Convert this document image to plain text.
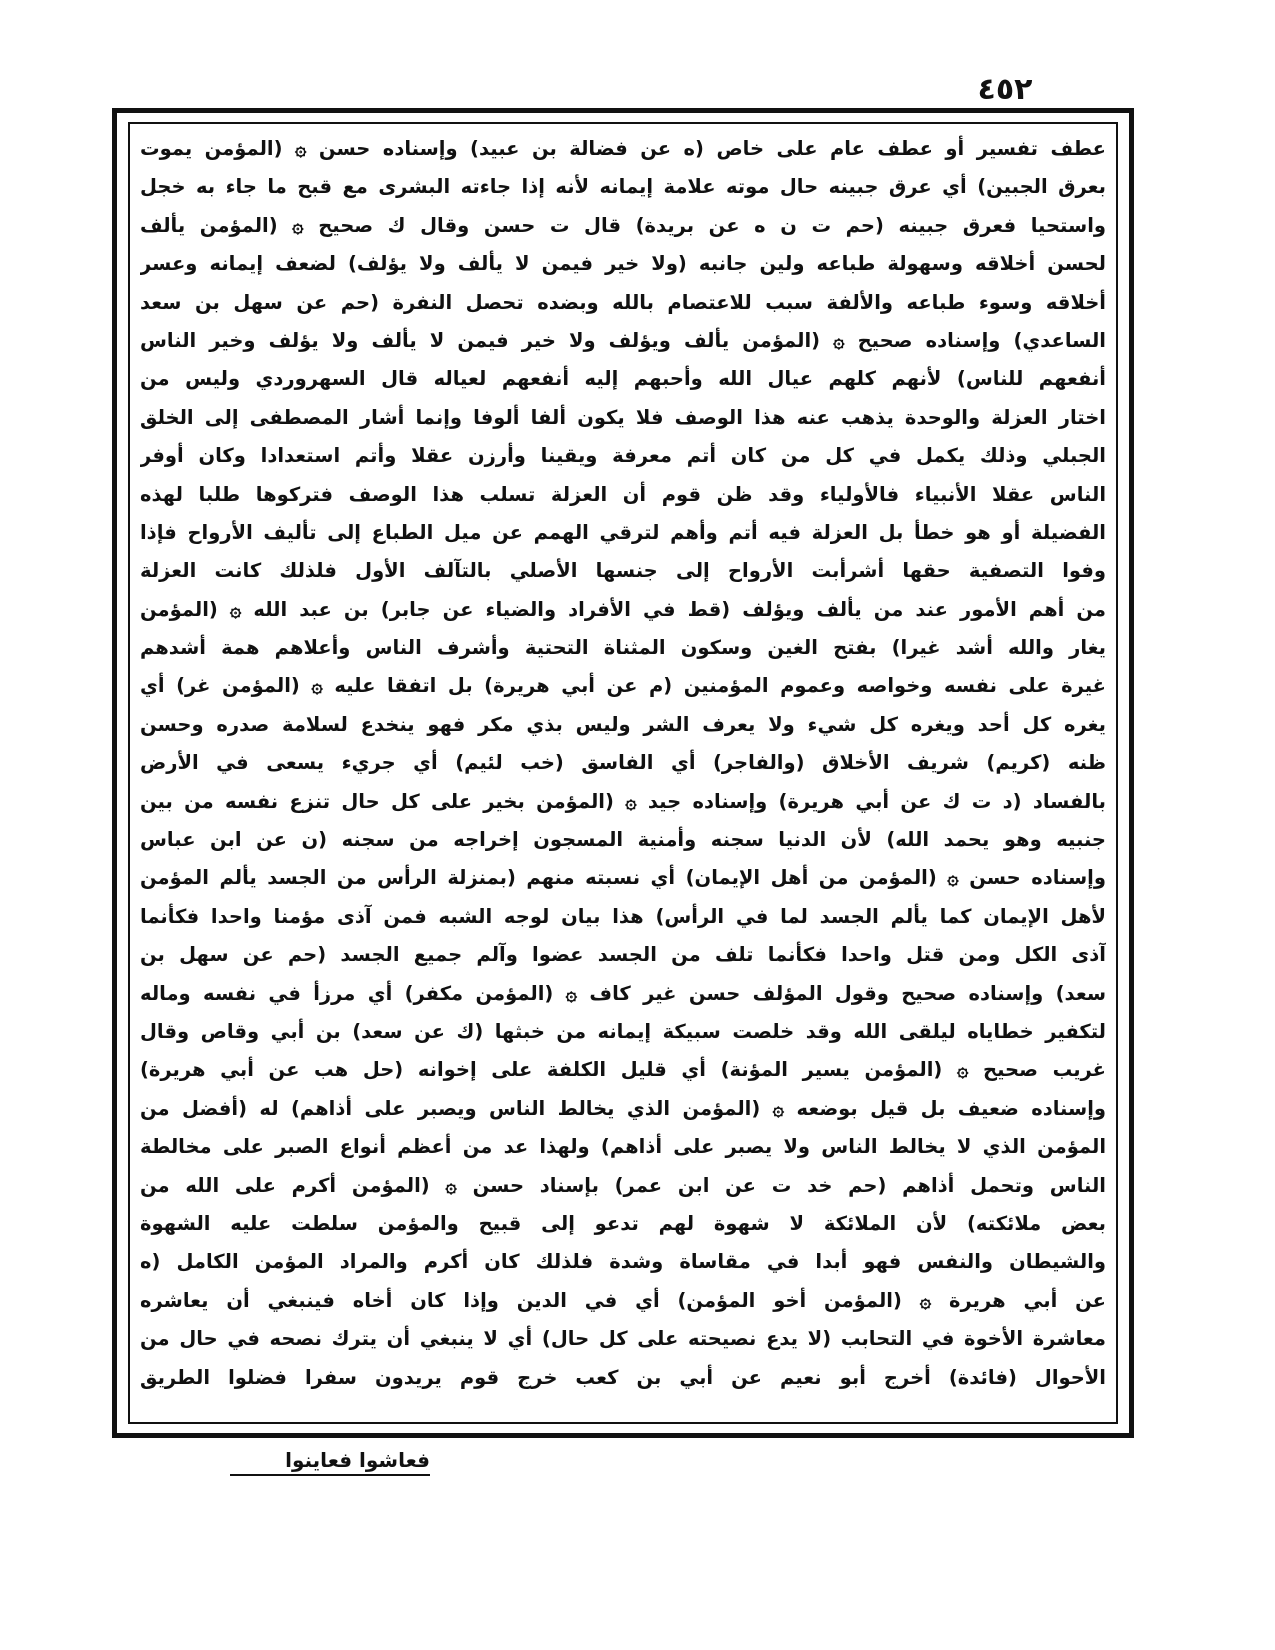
٤٥٢
عطف تفسير أو عطف عام على خاص (ه عن فضالة بن عبيد) وإسناده حسن ۞ (المؤمن يموت
بعرق الجبين) أي عرق جبينه حال موته علامة إيمانه لأنه إذا جاءته البشرى مع قبح ما جاء به خجل
واستحيا فعرق جبينه (حم ت ن ه عن بريدة) قال ت حسن وقال ك صحيح ۞ (المؤمن يألف
لحسن أخلاقه وسهولة طباعه ولين جانبه (ولا خير فيمن لا يألف ولا يؤلف) لضعف إيمانه وعسر
أخلاقه وسوء طباعه والألفة سبب للاعتصام بالله وبضده تحصل النفرة (حم عن سهل بن سعد
الساعدي) وإسناده صحيح ۞ (المؤمن يألف ويؤلف ولا خير فيمن لا يألف ولا يؤلف وخير الناس
أنفعهم للناس) لأنهم كلهم عيال الله وأحبهم إليه أنفعهم لعياله قال السهروردي وليس من
اختار العزلة والوحدة يذهب عنه هذا الوصف فلا يكون ألفا ألوفا وإنما أشار المصطفى إلى الخلق
الجبلي وذلك يكمل في كل من كان أتم معرفة ويقينا وأرزن عقلا وأتم استعدادا وكان أوفر
الناس عقلا الأنبياء فالأولياء وقد ظن قوم أن العزلة تسلب هذا الوصف فتركوها طلبا لهذه
الفضيلة أو هو خطأ بل العزلة فيه أتم وأهم لترقي الهمم عن ميل الطباع إلى تأليف الأرواح فإذا
وفوا التصفية حقها أشرأبت الأرواح إلى جنسها الأصلي بالتآلف الأول فلذلك كانت العزلة
من أهم الأمور عند من يألف ويؤلف (قط في الأفراد والضياء عن جابر) بن عبد الله ۞ (المؤمن
يغار والله أشد غيرا) بفتح الغين وسكون المثناة التحتية وأشرف الناس وأعلاهم همة أشدهم
غيرة على نفسه وخواصه وعموم المؤمنين (م عن أبي هريرة) بل اتفقا عليه ۞ (المؤمن غر) أي
يغره كل أحد ويغره كل شيء ولا يعرف الشر وليس بذي مكر فهو ينخدع لسلامة صدره وحسن
ظنه (كريم) شريف الأخلاق (والفاجر) أي الفاسق (خب لئيم) أي جريء يسعى في الأرض
بالفساد (د ت ك عن أبي هريرة) وإسناده جيد ۞ (المؤمن بخير على كل حال تنزع نفسه من بين
جنبيه وهو يحمد الله) لأن الدنيا سجنه وأمنية المسجون إخراجه من سجنه (ن عن ابن عباس
وإسناده حسن ۞ (المؤمن من أهل الإيمان) أي نسبته منهم (بمنزلة الرأس من الجسد يألم المؤمن
لأهل الإيمان كما يألم الجسد لما في الرأس) هذا بيان لوجه الشبه فمن آذى مؤمنا واحدا فكأنما
آذى الكل ومن قتل واحدا فكأنما تلف من الجسد عضوا وآلم جميع الجسد (حم عن سهل بن
سعد) وإسناده صحيح وقول المؤلف حسن غير كاف ۞ (المؤمن مكفر) أي مرزأ في نفسه وماله
لتكفير خطاياه ليلقى الله وقد خلصت سبيكة إيمانه من خبثها (ك عن سعد) بن أبي وقاص وقال
غريب صحيح ۞ (المؤمن يسير المؤنة) أي قليل الكلفة على إخوانه (حل هب عن أبي هريرة)
وإسناده ضعيف بل قيل بوضعه ۞ (المؤمن الذي يخالط الناس ويصبر على أذاهم) له (أفضل من
المؤمن الذي لا يخالط الناس ولا يصبر على أذاهم) ولهذا عد من أعظم أنواع الصبر على مخالطة
الناس وتحمل أذاهم (حم خد ت عن ابن عمر) بإسناد حسن ۞ (المؤمن أكرم على الله من
بعض ملائكته) لأن الملائكة لا شهوة لهم تدعو إلى قبيح والمؤمن سلطت عليه الشهوة
والشيطان والنفس فهو أبدا في مقاساة وشدة فلذلك كان أكرم والمراد المؤمن الكامل (ه
عن أبي هريرة ۞ (المؤمن أخو المؤمن) أي في الدين وإذا كان أخاه فينبغي أن يعاشره
معاشرة الأخوة في التحابب (لا يدع نصيحته على كل حال) أي لا ينبغي أن يترك نصحه في حال من
الأحوال (فائدة) أخرج أبو نعيم عن أبي بن كعب خرج قوم يريدون سفرا فضلوا الطريق
فعاشوا فعاينوا
